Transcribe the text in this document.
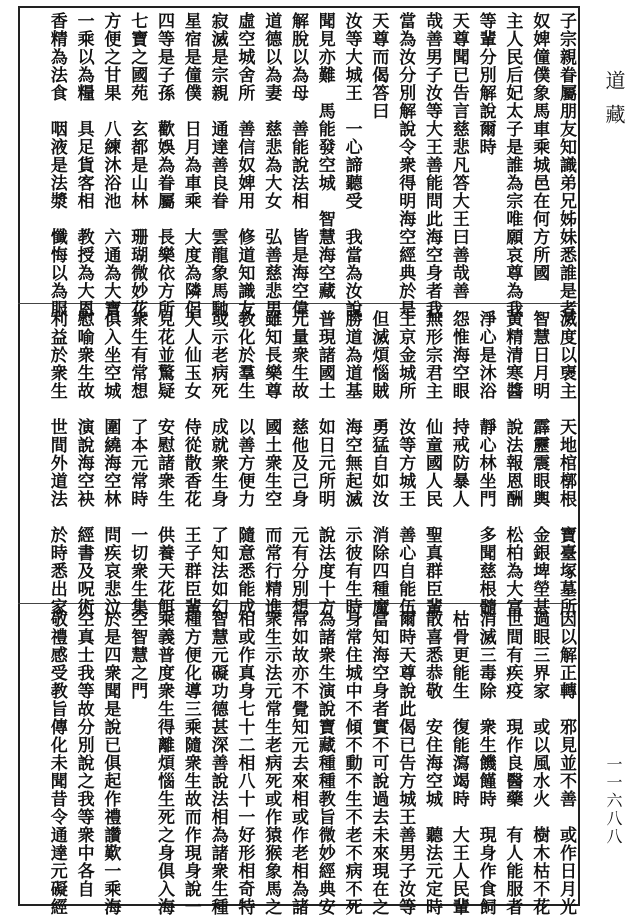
道藏
一一六八八
子宗親眷屬朋友知識弟兄姊妹悉誰是者
奴婢僮僕象馬車乘城邑在何方所國
主人民后妃太子是誰為宗唯願哀尊為我
等輩分別解說爾時
天尊聞已告言慈悲凡答大王曰善哉善
哉善男子汝等大王善能問此海空身者我
當為汝分別解說令衆得明海空經典於是
天尊而偈答曰
汝等大城王　一心諦聽受　我當為汝說
聞見亦難　馬能發空城　智慧海空藏
解脫以為母　善能說法相　皆是海空偉
道德以為妻　慈悲為大女　弘善慈悲男
虛空城舍所　善信奴婢用　修道知識友
寂滅是宗親　通達善良眷　雲龍象馬馳
星宿是僮僕　日月為車乘　大度為隣侶
四等是子孫　歡娛為眷屬　長樂依方所
七寶之國苑　玄都是山林　珊瑚微妙花
方便之甘果　八練沐浴池　六通為大寶
一乘以為糧　具足貨客相　教授為大恩
香精為法食　咽液是法漿　懺悔以為服
滅度以襃主　天地棺槨根　寶臺塚墓所
智慧日月明　霹靂震眼輿　金銀埤塋甚
黃精清寒醬　說法報恩酬　松柏為大富
淨心是沐浴　靜心林坐門　多聞慈根髓
怨惟海空眼　持戒防暴人
無形宗君主　仙童國人民　聖真群臣輩
王京金城所　汝等方城王　善心自能伍
但滅煩惱賊　勇猛自如汝　消除四種魔
勝道為道基　海空無起滅　示彼有生時
普現諸國土　如日元所明　說法度十方
元量衆生故　慈他及己身　元有分別想
雖知長樂尊　國土衆生空　而常行精進
教化於羣生　以善方便力　隨意悉能成
或示老病死　成就衆生身　了知法如幻
天人仙玉女　侍從散香花　王子群臣輩
見花並驚疑　安慰諸衆生　供養天花餌
衆生有常想　了本元常時　一切衆生集
俱入坐空城　圍繞海空林　問疾哀悲泣
慰喻衆生故　演說海空袂　經書及呪術
利益於衆生　世間外道法　於時悉出家
因以解正轉　邪見並不善　或作日月光
過眼三界家　或以風水火　樹木枯不花
世間有疾疫　現作良醫藥　有人能服者
消滅三毒除　衆生饑饉時　現身作食飼
枯骨更能生　復能瀉竭時　大王人民輩
散喜悉恭敬　安住海空城　聽法元定時
爾時天尊說此偈已告方城王善男子汝等
當知海空身者實不可說過去未來現在之
身常住城中不傾不動不生不老不病不死
為諸衆生演說寶藏種種教旨微妙經典安
常如故亦不覺知元去來相或作老相為諸
衆生示法元常生老病死或作猿猴象馬之
相或作真身七十二相八十一好形相奇特
智慧元礙功德甚深善說法相為諸衆生種
種方便化導三乘隨衆生故而作現身說一
乘義普度衆生得離煩惱生死之身俱入海
空智慧之門
於是四衆聞是說已俱起作禮讚歎一乘海
空真士我等故分別說之我等衆中各自
敬禮感受教旨傳化未聞昔令通達元礙經
